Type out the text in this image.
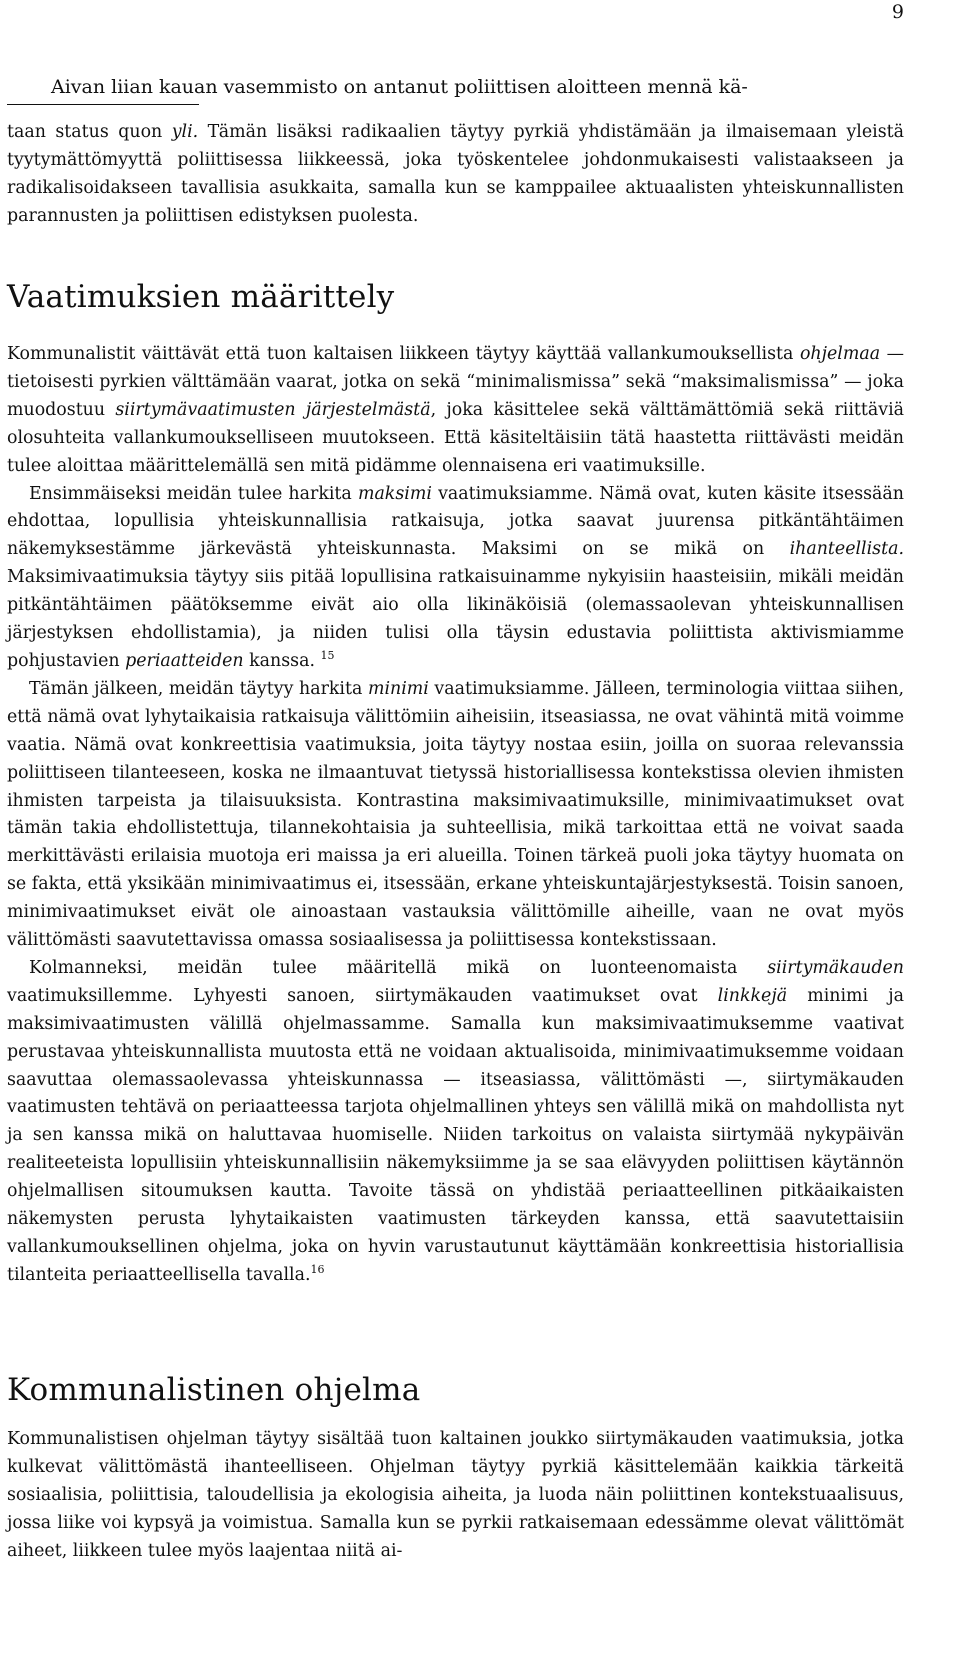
9
Aivan liian kauan vasemmisto on antanut poliittisen aloitteen mennä kä-

taan status quon yli. Tämän lisäksi radikaalien täytyy pyrkiä yhdistämään ja ilmaisemaan yleistä tyytymättömyyttä poliittisessa liikkeessä, joka työskentelee johdonmukaisesti valistaakseen ja radikalisoidakseen tavallisia asukkaita, samalla kun se kamppailee aktuaalisten yhteiskunnallisten parannusten ja poliittisen edistyksen puolesta.

Vaatimuksien määrittely

Kommunalistit väittävät että tuon kaltaisen liikkeen täytyy käyttää vallankumouksellista ohjelmaa — tietoisesti pyrkien välttämään vaarat, jotka on sekä “minimalismissa” sekä “maksimalismissa” — joka muodostuu siirtymävaatimusten järjestelmästä, joka käsittelee sekä välttämättömiä sekä riittäviä olosuhteita vallankumoukselliseen muutokseen. Että käsiteltäisiin tätä haastetta riittävästi meidän tulee aloittaa määrittelemällä sen mitä pidämme olennaisena eri vaatimuksille.

Ensimmäiseksi meidän tulee harkita maksimi vaatimuksiamme. Nämä ovat, kuten käsite itsessään ehdottaa, lopullisia yhteiskunnallisia ratkaisuja, jotka saavat juurensa pitkäntähtäimen näkemyksestämme järkevästä yhteiskunnasta. Maksimi on se mikä on ihanteellista. Maksimivaatimuksia täytyy siis pitää lopullisina ratkaisuinamme nykyisiin haasteisiin, mikäli meidän pitkäntähtäimen päätöksemme eivät aio olla likinäköisiä (olemassaolevan yhteiskunnallisen järjestyksen ehdollistamia), ja niiden tulisi olla täysin edustavia poliittista aktivismiamme pohjustavien periaatteiden kanssa. $^{15}$

Tämän jälkeen, meidän täytyy harkita minimi vaatimuksiamme. Jälleen, terminologia viittaa siihen, että nämä ovat lyhytaikaisia ratkaisuja välittömiin aiheisiin, itseasiassa, ne ovat vähintä mitä voimme vaatia. Nämä ovat konkreettisia vaatimuksia, joita täytyy nostaa esiin, joilla on suoraa relevanssia poliittiseen tilanteeseen, koska ne ilmaantuvat tietyssä historiallisessa kontekstissa olevien ihmisten ihmisten tarpeista ja tilaisuuksista. Kontrastina maksimivaatimuksille, minimivaatimukset ovat tämän takia ehdollistettuja, tilannekohtaisia ja suhteellisia, mikä tarkoittaa että ne voivat saada merkittävästi erilaisia muotoja eri maissa ja eri alueilla. Toinen tärkeä puoli joka täytyy huomata on se fakta, että yksikään minimivaatimus ei, itsessään, erkane yhteiskuntajärjestyksestä. Toisin sanoen, minimivaatimukset eivät ole ainoastaan vastauksia välittömille aiheille, vaan ne ovat myös välittömästi saavutettavissa omassa sosiaalisessa ja poliittisessa kontekstissaan.

Kolmanneksi, meidän tulee määritellä mikä on luonteenomaista siirtymäkauden vaatimuksillemme. Lyhyesti sanoen, siirtymäkauden vaatimukset ovat linkkejä minimi ja maksimivaatimusten välillä ohjelmassamme. Samalla kun maksimivaatimuksemme vaativat perustavaa yhteiskunnallista muutosta että ne voidaan aktualisoida, minimivaatimuksemme voidaan saavuttaa olemassaolevassa yhteiskunnassa — itseasiassa, välittömästi —, siirtymäkauden vaatimusten tehtävä on periaatteessa tarjota ohjelmallinen yhteys sen välillä mikä on mahdollista nyt ja sen kanssa mikä on haluttavaa huomiselle. Niiden tarkoitus on valaista siirtymää nykypäivän realiteeteista lopullisiin yhteiskunnallisiin näkemyksiimme ja se saa elävyyden poliittisen käytännön ohjelmallisen sitoumuksen kautta. Tavoite tässä on yhdistää periaatteellinen pitkäaikaisten näkemysten perusta lyhytaikaisten vaatimusten tärkeyden kanssa, että saavutettaisiin vallankumouksellinen ohjelma, joka on hyvin varustautunut käyttämään konkreettisia historiallisia tilanteita periaatteellisella tavalla.$^{16}$

Kommunalistinen ohjelma

Kommunalistisen ohjelman täytyy sisältää tuon kaltainen joukko siirtymäkauden vaatimuksia, jotka kulkevat välittömästä ihanteelliseen. Ohjelman täytyy pyrkiä käsittelemään kaikkia tärkeitä sosiaalisia, poliittisia, taloudellisia ja ekologisia aiheita, ja luoda näin poliittinen kontekstuaalisuus, jossa liike voi kypsyä ja voimistua. Samalla kun se pyrkii ratkaisemaan edessämme olevat välittömät aiheet, liikkeen tulee myös laajentaa niitä ai-
